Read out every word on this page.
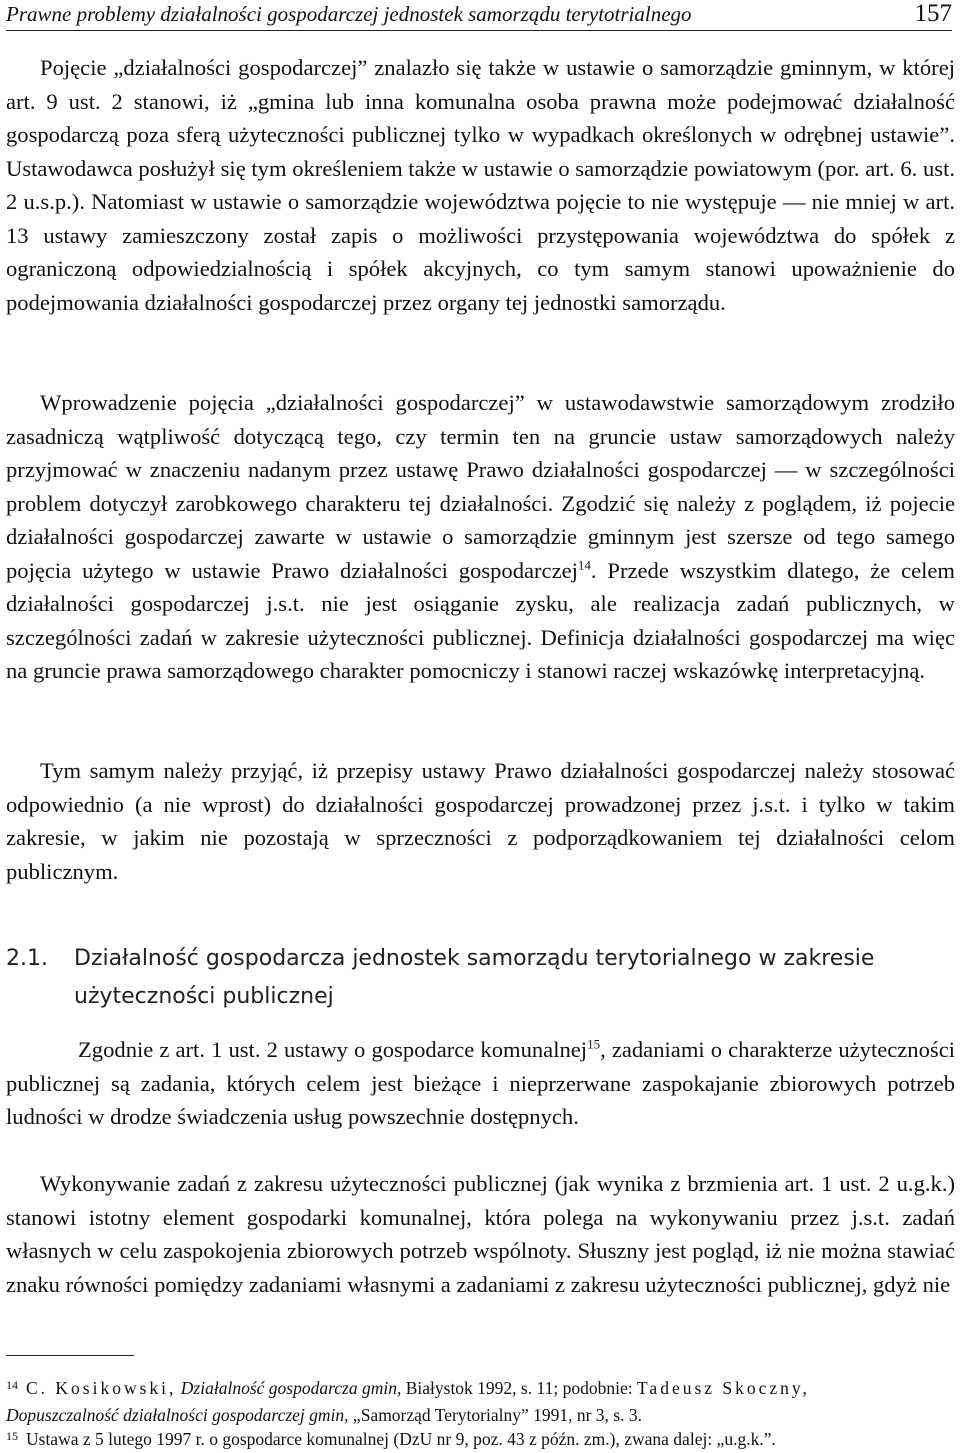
Prawne problemy działalności gospodarczej jednostek samorządu terytotrialnego	157

Pojęcie „działalności gospodarczej” znalazło się także w ustawie o samorządzie gminnym, w której art. 9 ust. 2 stanowi, iż „gmina lub inna komunalna osoba prawna może podejmować działalność gospodarczą poza sferą użyteczności publicznej tylko w wypadkach określonych w odrębnej ustawie”. Ustawodawca posłużył się tym określeniem także w ustawie o samorządzie powiatowym (por. art. 6. ust. 2 u.s.p.). Natomiast w ustawie o samorządzie województwa pojęcie to nie występuje — nie mniej w art. 13 ustawy zamieszczony został zapis o możliwości przystępowania województwa do spółek z ograniczoną odpowiedzialnością i spółek akcyjnych, co tym samym stanowi upoważnienie do podejmowania działalności gospodarczej przez organy tej jednostki samorządu.

Wprowadzenie pojęcia „działalności gospodarczej” w ustawodawstwie samorządowym zrodziło zasadniczą wątpliwość dotyczącą tego, czy termin ten na gruncie ustaw samorządowych należy przyjmować w znaczeniu nadanym przez ustawę Prawo działalności gospodarczej — w szczególności problem dotyczył zarobkowego charakteru tej działalności. Zgodzić się należy z poglądem, iż pojecie działalności gospodarczej zawarte w ustawie o samorządzie gminnym jest szersze od tego samego pojęcia użytego w ustawie Prawo działalności gospodarczej$^{14}$. Przede wszystkim dlatego, że celem działalności gospodarczej j.s.t. nie jest osiąganie zysku, ale realizacja zadań publicznych, w szczególności zadań w zakresie użyteczności publicznej. Definicja działalności gospodarczej ma więc na gruncie prawa samorządowego charakter pomocniczy i stanowi raczej wskazówkę interpretacyjną.

Tym samym należy przyjąć, iż przepisy ustawy Prawo działalności gospodarczej należy stosować odpowiednio (a nie wprost) do działalności gospodarczej prowadzonej przez j.s.t. i tylko w takim zakresie, w jakim nie pozostają w sprzeczności z podporządkowaniem tej działalności celom publicznym.

2.1. Działalność gospodarcza jednostek samorządu terytorialnego w zakresie użyteczności publicznej

Zgodnie z art. 1 ust. 2 ustawy o gospodarce komunalnej$^{15}$, zadaniami o charakterze użyteczności publicznej są zadania, których celem jest bieżące i nieprzerwane zaspokajanie zbiorowych potrzeb ludności w drodze świadczenia usług powszechnie dostępnych.

Wykonywanie zadań z zakresu użyteczności publicznej (jak wynika z brzmienia art. 1 ust. 2 u.g.k.) stanowi istotny element gospodarki komunalnej, która polega na wykonywaniu przez j.s.t. zadań własnych w celu zaspokojenia zbiorowych potrzeb wspólnoty. Słuszny jest pogląd, iż nie można stawiać znaku równości pomiędzy zadaniami własnymi a zadaniami z zakresu użyteczności publicznej, gdyż nie

14 C. Kosikowski, Działalność gospodarcza gmin, Białystok 1992, s. 11; podobnie: Tadeusz Skoczny,
Dopuszczalność działalności gospodarczej gmin, „Samorząd Terytorialny” 1991, nr 3, s. 3.

15 Ustawa z 5 lutego 1997 r. o gospodarce komunalnej (DzU nr 9, poz. 43 z późn. zm.), zwana dalej: „u.g.k.”.
